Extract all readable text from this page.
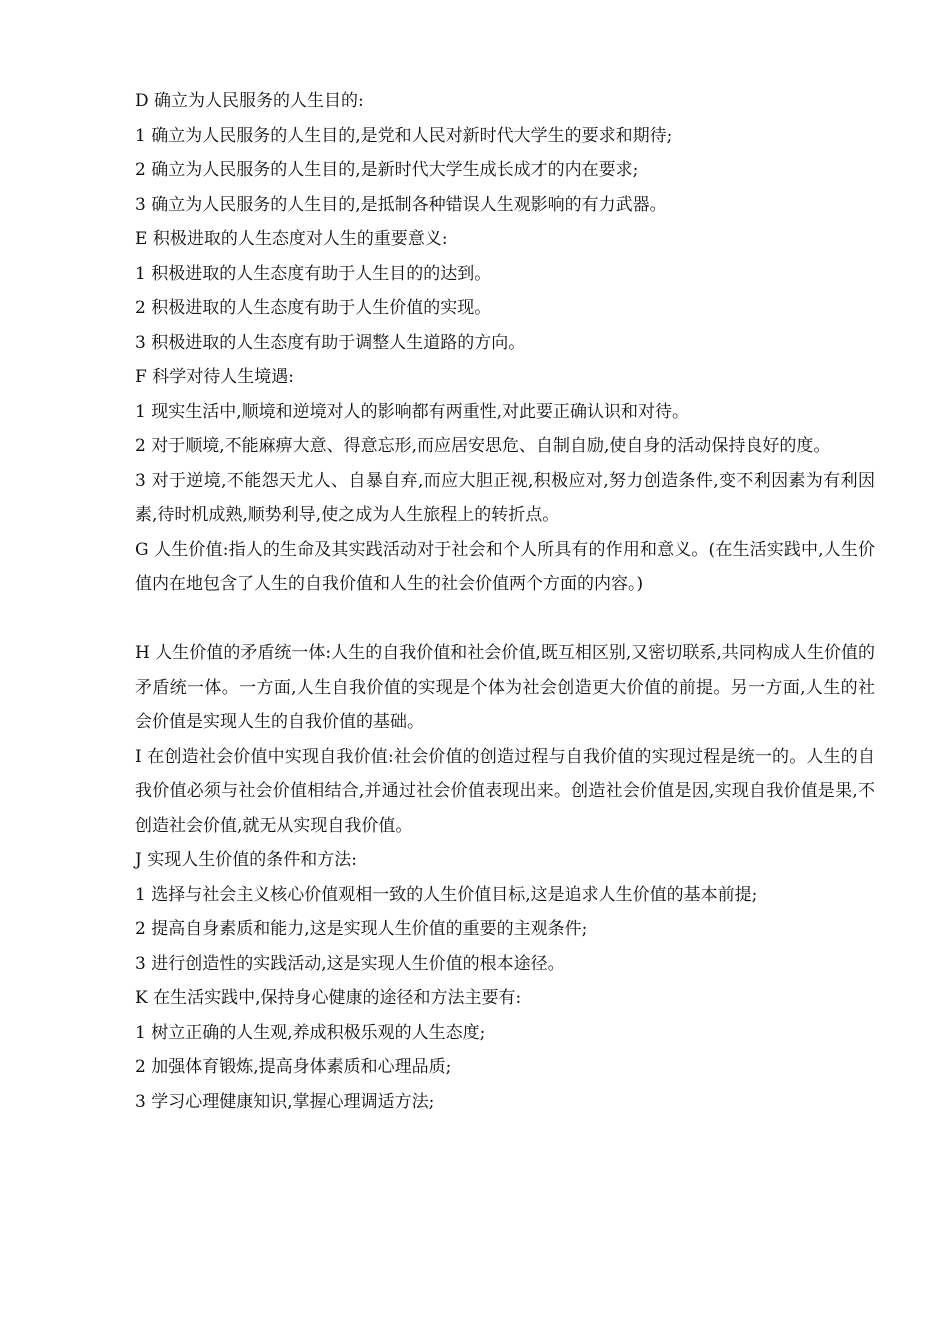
D 确立为人民服务的人生目的:

1 确立为人民服务的人生目的,是党和人民对新时代大学生的要求和期待;

2 确立为人民服务的人生目的,是新时代大学生成长成才的内在要求;

3 确立为人民服务的人生目的,是抵制各种错误人生观影响的有力武器。

E 积极进取的人生态度对人生的重要意义:

1 积极进取的人生态度有助于人生目的的达到。

2 积极进取的人生态度有助于人生价值的实现。

3 积极进取的人生态度有助于调整人生道路的方向。

F 科学对待人生境遇:

1 现实生活中,顺境和逆境对人的影响都有两重性,对此要正确认识和对待。

2 对于顺境,不能麻痹大意、得意忘形,而应居安思危、自制自励,使自身的活动保持良好的度。

3 对于逆境,不能怨天尤人、自暴自弃,而应大胆正视,积极应对,努力创造条件,变不利因素为有利因素,待时机成熟,顺势利导,使之成为人生旅程上的转折点。

G 人生价值:指人的生命及其实践活动对于社会和个人所具有的作用和意义。(在生活实践中,人生价值内在地包含了人生的自我价值和人生的社会价值两个方面的内容。)

H 人生价值的矛盾统一体:人生的自我价值和社会价值,既互相区别,又密切联系,共同构成人生价值的矛盾统一体。一方面,人生自我价值的实现是个体为社会创造更大价值的前提。另一方面,人生的社会价值是实现人生的自我价值的基础。

I 在创造社会价值中实现自我价值:社会价值的创造过程与自我价值的实现过程是统一的。人生的自我价值必须与社会价值相结合,并通过社会价值表现出来。创造社会价值是因,实现自我价值是果,不创造社会价值,就无从实现自我价值。

J 实现人生价值的条件和方法:

1 选择与社会主义核心价值观相一致的人生价值目标,这是追求人生价值的基本前提;

2 提高自身素质和能力,这是实现人生价值的重要的主观条件;

3 进行创造性的实践活动,这是实现人生价值的根本途径。

K 在生活实践中,保持身心健康的途径和方法主要有:

1 树立正确的人生观,养成积极乐观的人生态度;

2 加强体育锻炼,提高身体素质和心理品质;

3 学习心理健康知识,掌握心理调适方法;
